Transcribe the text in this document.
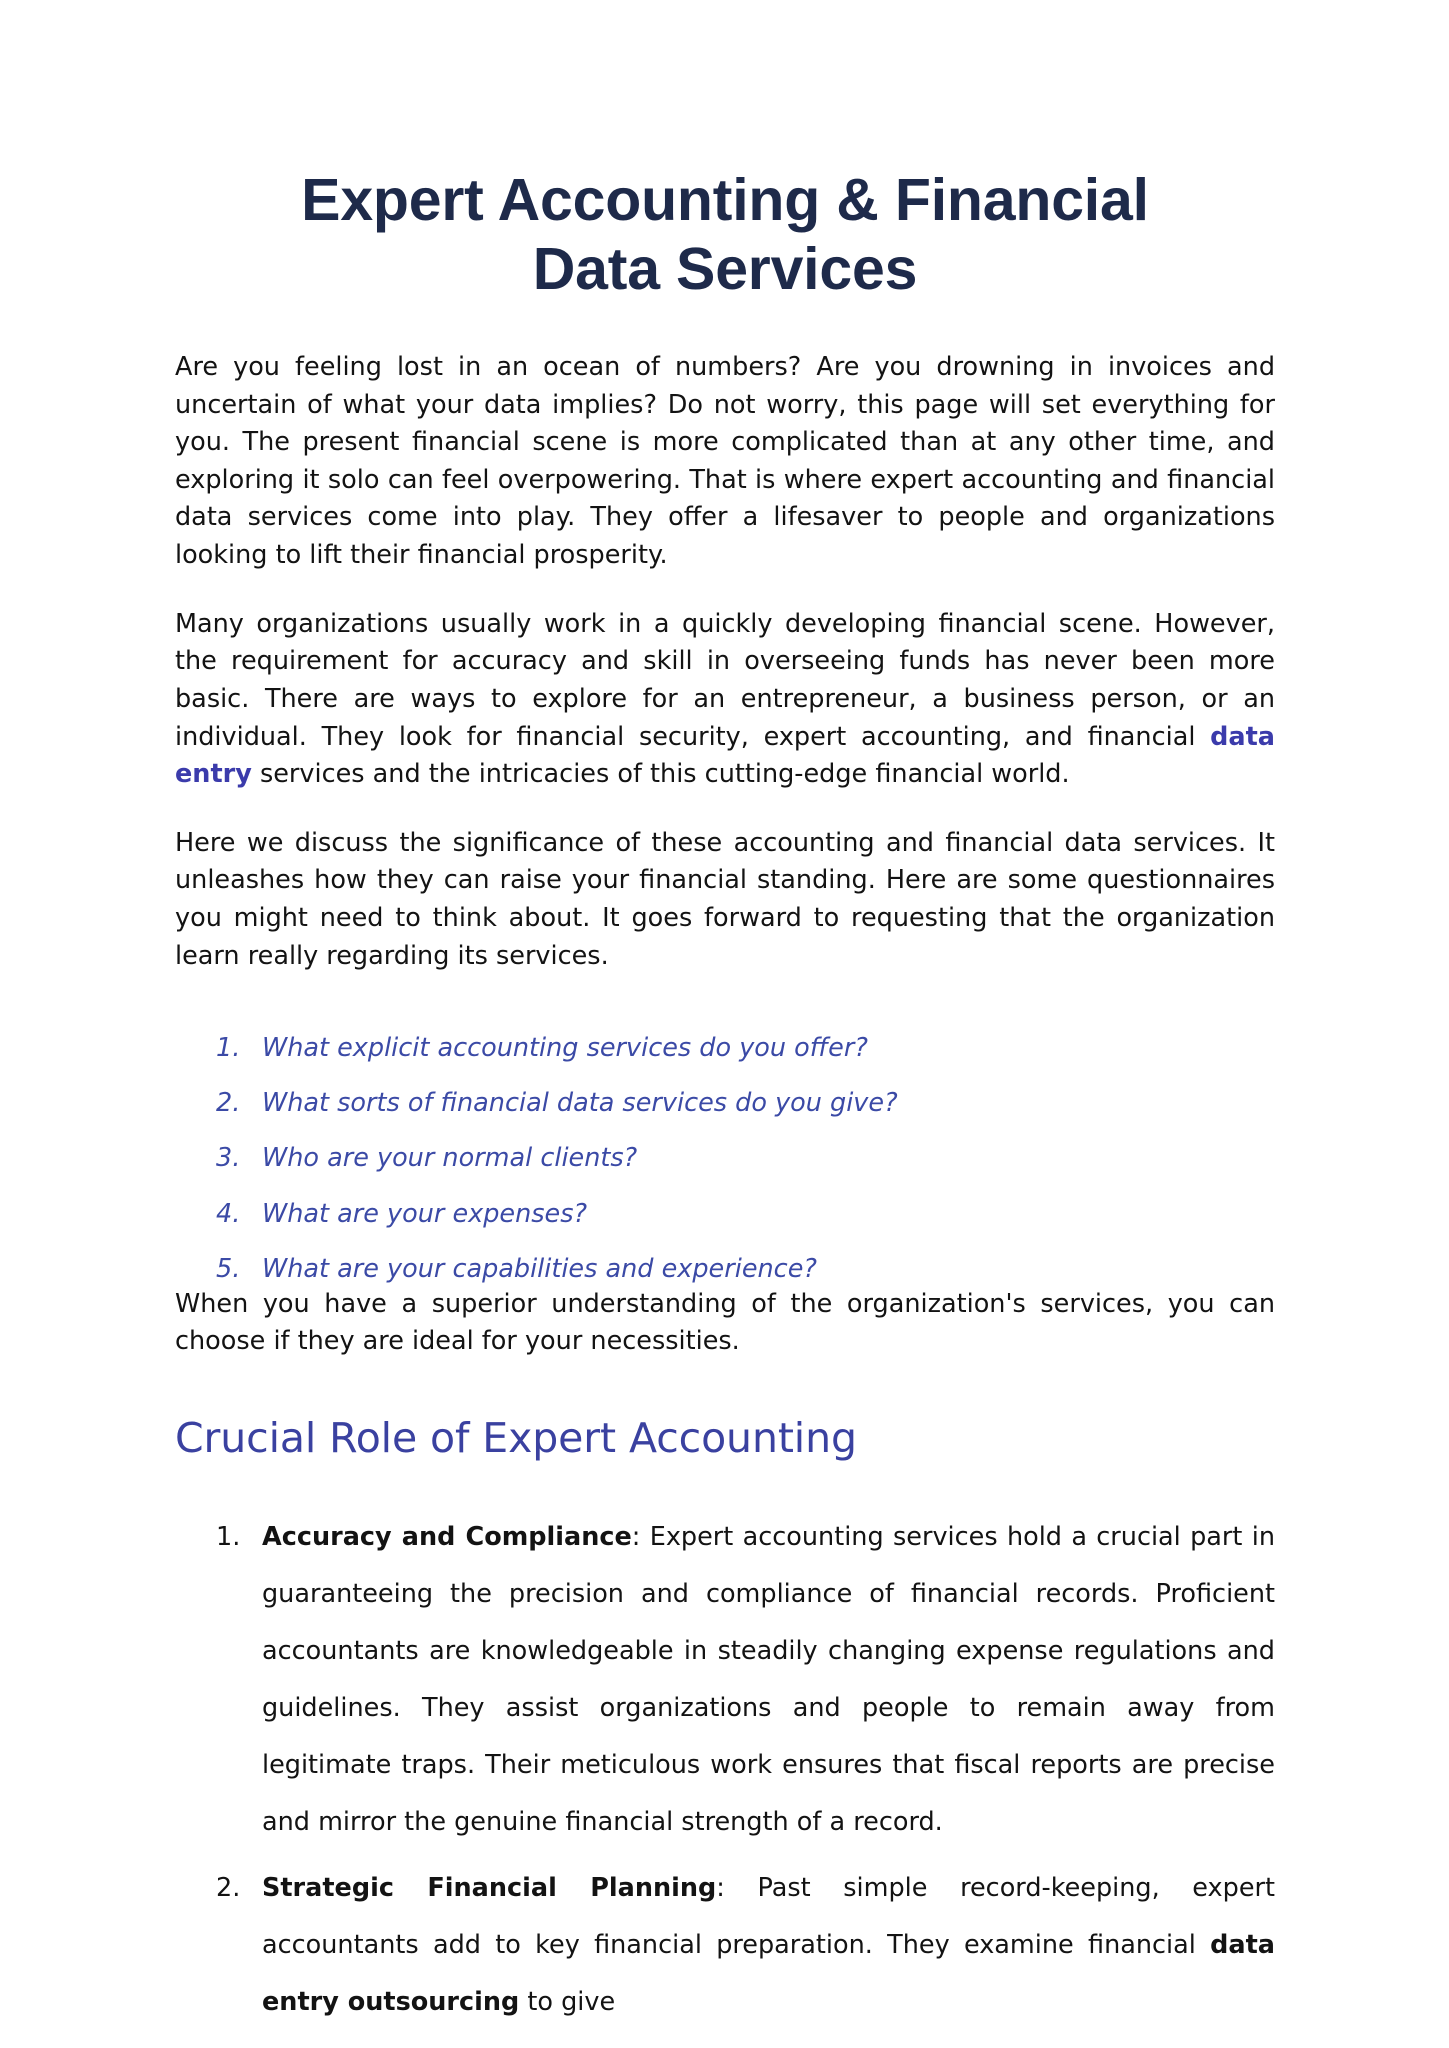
Expert Accounting & Financial
Data Services

Are you feeling lost in an ocean of numbers? Are you drowning in invoices and uncertain of what your data implies? Do not worry, this page will set everything for you. The present financial scene is more complicated than at any other time, and exploring it solo can feel overpowering. That is where expert accounting and financial data services come into play. They offer a lifesaver to people and organizations looking to lift their financial prosperity.

Many organizations usually work in a quickly developing financial scene. However, the requirement for accuracy and skill in overseeing funds has never been more basic. There are ways to explore for an entrepreneur, a business person, or an individual. They look for financial security, expert accounting, and financial data entry services and the intricacies of this cutting-edge financial world.

Here we discuss the significance of these accounting and financial data services. It unleashes how they can raise your financial standing. Here are some questionnaires you might need to think about. It goes forward to requesting that the organization learn really regarding its services.

1. What explicit accounting services do you offer?
2. What sorts of financial data services do you give?
3. Who are your normal clients?
4. What are your expenses?
5. What are your capabilities and experience?

When you have a superior understanding of the organization's services, you can choose if they are ideal for your necessities.

Crucial Role of Expert Accounting
1. Accuracy and Compliance: Expert accounting services hold a crucial part in guaranteeing the precision and compliance of financial records. Proficient accountants are knowledgeable in steadily changing expense regulations and guidelines. They assist organizations and people to remain away from legitimate traps. Their meticulous work ensures that fiscal reports are precise and mirror the genuine financial strength of a record.
2. Strategic Financial Planning: Past simple record-keeping, expert accountants add to key financial preparation. They examine financial data entry outsourcing to give
